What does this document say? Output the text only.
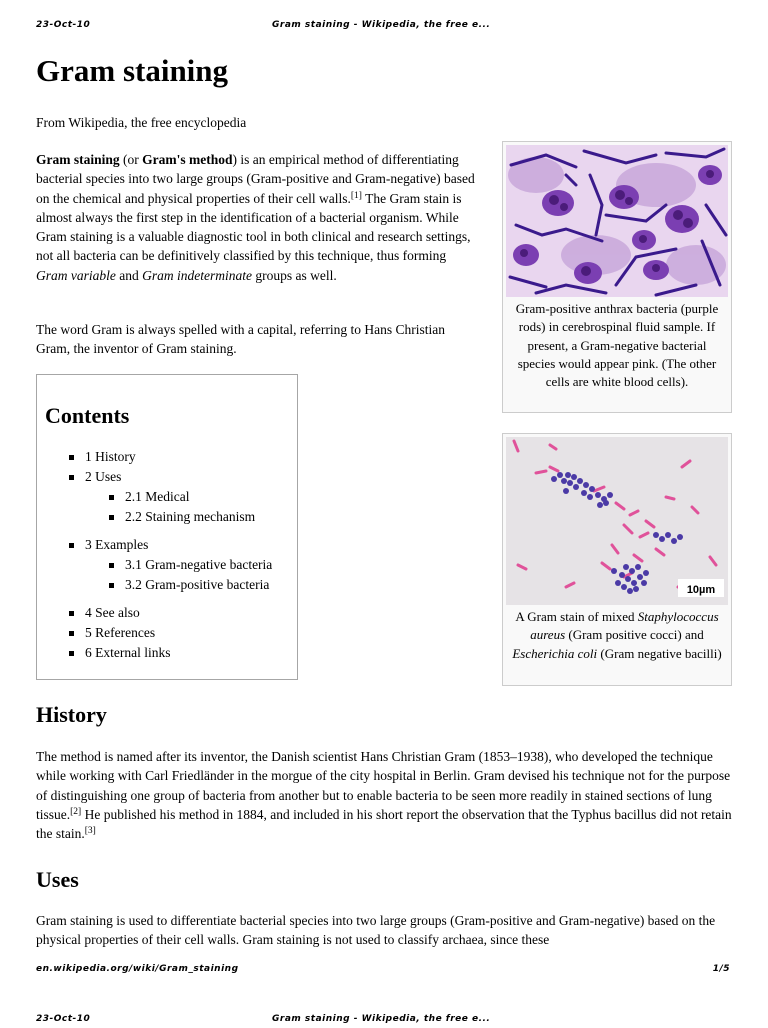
23-Oct-10	Gram staining - Wikipedia, the free e...
Gram staining

From Wikipedia, the free encyclopedia

Gram staining (or Gram's method) is an empirical method of differentiating bacterial species into two large groups (Gram-positive and Gram-negative) based on the chemical and physical properties of their cell walls.[1] The Gram stain is almost always the first step in the identification of a bacterial organism. While Gram staining is a valuable diagnostic tool in both clinical and research settings, not all bacteria can be definitively classified by this technique, thus forming Gram variable and Gram indeterminate groups as well.

The word Gram is always spelled with a capital, referring to Hans Christian Gram, the inventor of Gram staining.

Contents
1 History
2 Uses
2.1 Medical
2.2 Staining mechanism
3 Examples
3.1 Gram-negative bacteria
3.2 Gram-positive bacteria
4 See also
5 References
6 External links
Gram-positive anthrax bacteria (purple rods) in cerebrospinal fluid sample. If present, a Gram-negative bacterial species would appear pink. (The other cells are white blood cells).
10µm
A Gram stain of mixed Staphylococcus aureus (Gram positive cocci) and Escherichia coli (Gram negative bacilli)
History

The method is named after its inventor, the Danish scientist Hans Christian Gram (1853–1938), who developed the technique while working with Carl Friedländer in the morgue of the city hospital in Berlin. Gram devised his technique not for the purpose of distinguishing one group of bacteria from another but to enable bacteria to be seen more readily in stained sections of lung tissue.[2] He published his method in 1884, and included in his short report the observation that the Typhus bacillus did not retain the stain.[3]

Uses

Gram staining is used to differentiate bacterial species into two large groups (Gram-positive and Gram-negative) based on the physical properties of their cell walls. Gram staining is not used to classify archaea, since these

en.wikipedia.org/wiki/Gram_staining	1/5
23-Oct-10	Gram staining - Wikipedia, the free e...
